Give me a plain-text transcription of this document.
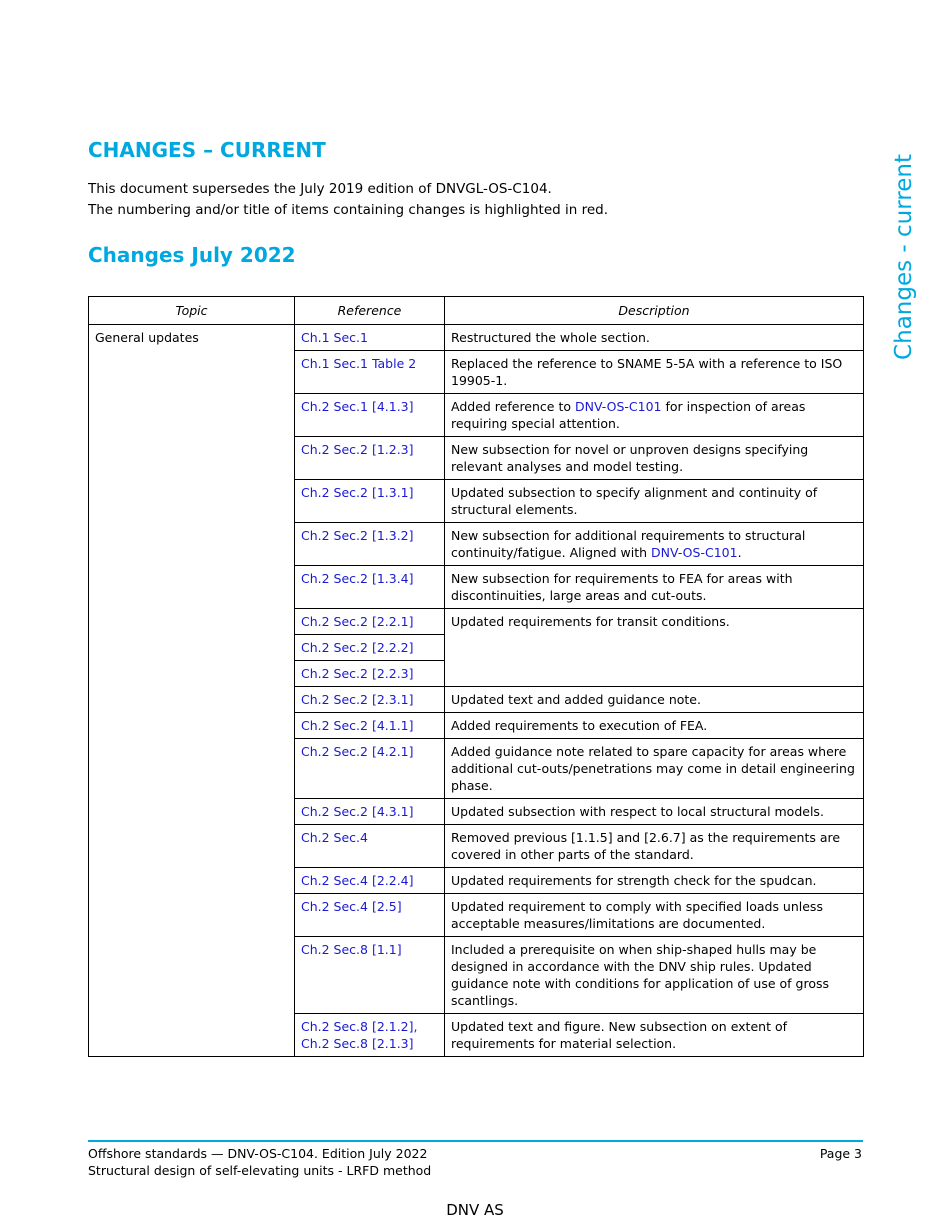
CHANGES – CURRENT

This document supersedes the July 2019 edition of DNVGL-OS-C104.

The numbering and/or title of items containing changes is highlighted in red.

Changes July 2022	Changes - current
Topic	Reference	Description
General updates	Ch.1 Sec.1	Restructured the whole section.
	Ch.1 Sec.1 Table 2	Replaced the reference to SNAME 5-5A with a reference to ISO 19905-1.
	Ch.2 Sec.1 [4.1.3]	Added reference to DNV-OS-C101 for inspection of areas requiring special attention.
	Ch.2 Sec.2 [1.2.3]	New subsection for novel or unproven designs specifying relevant analyses and model testing.
	Ch.2 Sec.2 [1.3.1]	Updated subsection to specify alignment and continuity of structural elements.
	Ch.2 Sec.2 [1.3.2]	New subsection for additional requirements to structural continuity/fatigue. Aligned with DNV-OS-C101.
	Ch.2 Sec.2 [1.3.4]	New subsection for requirements to FEA for areas with discontinuities, large areas and cut-outs.
	Ch.2 Sec.2 [2.2.1]	Updated requirements for transit conditions.
	Ch.2 Sec.2 [2.2.2]	
	Ch.2 Sec.2 [2.2.3]	
	Ch.2 Sec.2 [2.3.1]	Updated text and added guidance note.
	Ch.2 Sec.2 [4.1.1]	Added requirements to execution of FEA.
	Ch.2 Sec.2 [4.2.1]	Added guidance note related to spare capacity for areas where additional cut-outs/penetrations may come in detail engineering phase.
	Ch.2 Sec.2 [4.3.1]	Updated subsection with respect to local structural models.
	Ch.2 Sec.4	Removed previous [1.1.5] and [2.6.7] as the requirements are covered in other parts of the standard.
	Ch.2 Sec.4 [2.2.4]	Updated requirements for strength check for the spudcan.
	Ch.2 Sec.4 [2.5]	Updated requirement to comply with specified loads unless acceptable measures/limitations are documented.
	Ch.2 Sec.8 [1.1]	Included a prerequisite on when ship-shaped hulls may be designed in accordance with the DNV ship rules. Updated guidance note with conditions for application of use of gross scantlings.
	Ch.2 Sec.8 [2.1.2],
Ch.2 Sec.8 [2.1.3]	Updated text and figure. New subsection on extent of requirements for material selection.
Offshore standards — DNV-OS-C104. Edition July 2022
Structural design of self-elevating units - LRFD method
Page 3
DNV AS
